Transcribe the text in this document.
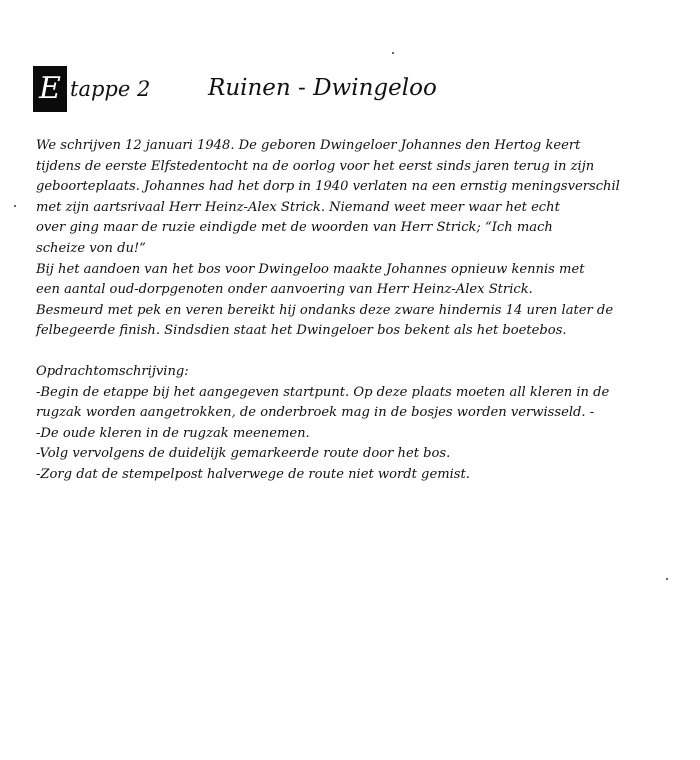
E tappe 2	Ruinen - Dwingeloo

We schrijven 12 januari 1948. De geboren Dwingeloer Johannes den Hertog keert
tijdens de eerste Elfstedentocht na de oorlog voor het eerst sinds jaren terug in zijn
geboorteplaats. Johannes had het dorp in 1940 verlaten na een ernstig meningsverschil
met zijn aartsrivaal Herr Heinz-Alex Strick. Niemand weet meer waar het echt
over ging maar de ruzie eindigde met de woorden van Herr Strick; “Ich mach
scheize von du!”
Bij het aandoen van het bos voor Dwingeloo maakte Johannes opnieuw kennis met
een aantal oud-dorpgenoten onder aanvoering van Herr Heinz-Alex Strick.
Besmeurd met pek en veren bereikt hij ondanks deze zware hindernis 14 uren later de
felbegeerde finish. Sindsdien staat het Dwingeloer bos bekent als het boetebos.

Opdrachtomschrijving:
-Begin de etappe bij het aangegeven startpunt. Op deze plaats moeten all kleren in de
rugzak worden aangetrokken, de onderbroek mag in de bosjes worden verwisseld. -
-De oude kleren in de rugzak meenemen.
-Volg vervolgens de duidelijk gemarkeerde route door het bos.
-Zorg dat de stempelpost halverwege de route niet wordt gemist.
